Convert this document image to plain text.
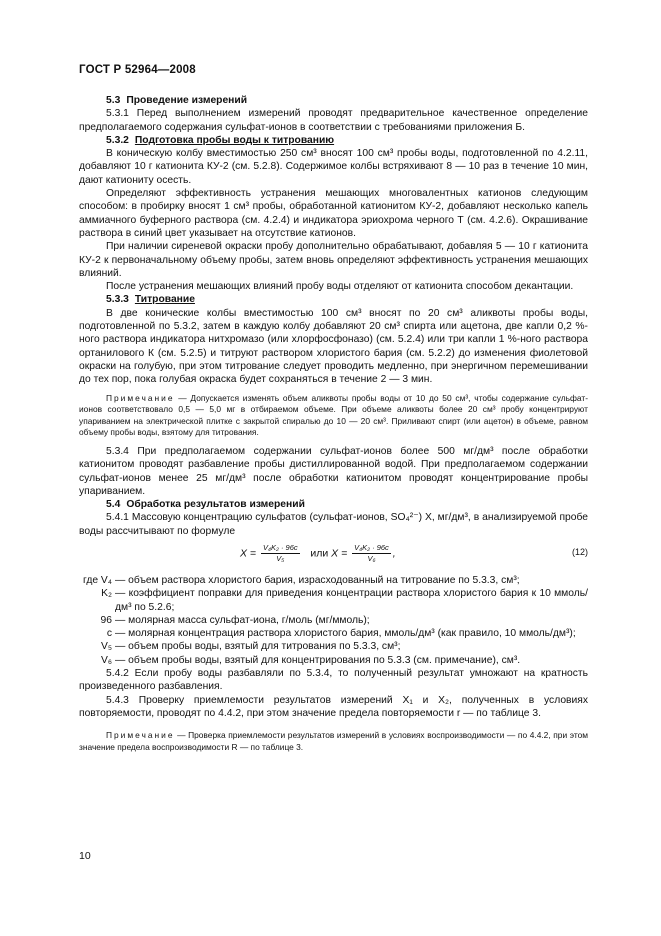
ГОСТ Р 52964—2008

5.3 Проведение измерений

5.3.1 Перед выполнением измерений проводят предварительное качественное определение предполагаемого содержания сульфат-ионов в соответствии с требованиями приложения Б.

5.3.2 Подготовка пробы воды к титрованию

В коническую колбу вместимостью 250 см³ вносят 100 см³ пробы воды, подготовленной по 4.2.11, добавляют 10 г катионита КУ-2 (см. 5.2.8). Содержимое колбы встряхивают 8 — 10 раз в течение 10 мин, дают катиониту осесть.

Определяют эффективность устранения мешающих многовалентных катионов следующим способом: в пробирку вносят 1 см³ пробы, обработанной катионитом КУ-2, добавляют несколько капель аммиачного буферного раствора (см. 4.2.4) и индикатора эриохрома черного Т (см. 4.2.6). Окрашивание раствора в синий цвет указывает на отсутствие катионов.

При наличии сиреневой окраски пробу дополнительно обрабатывают, добавляя 5 — 10 г катионита КУ-2 к первоначальному объему пробы, затем вновь определяют эффективность устранения мешающих влияний.

После устранения мешающих влияний пробу воды отделяют от катионита способом декантации.

5.3.3 Титрование

В две конические колбы вместимостью 100 см³ вносят по 20 см³ аликвоты пробы воды, подготовленной по 5.3.2, затем в каждую колбу добавляют 20 см³ спирта или ацетона, две капли 0,2 %-ного раствора индикатора нитхромазо (или хлорфосфоназо) (см. 5.2.4) или три капли 1 %-ного раствора ортанилового К (см. 5.2.5) и титруют раствором хлористого бария (см. 5.2.2) до изменения фиолетовой окраски на голубую, при этом титрование следует проводить медленно, при энергичном перемешивании до тех пор, пока голубая окраска будет сохраняться в течение 2 — 3 мин.

Примечание — Допускается изменять объем аликвоты пробы воды от 10 до 50 см³, чтобы содержание сульфат-ионов соответствовало 0,5 — 5,0 мг в отбираемом объеме. При объеме аликвоты более 20 см³ пробу концентрируют упариванием на электрической плитке с закрытой спиралью до 10 — 20 см³. Приливают спирт (или ацетон) в объеме, равном объему пробы воды, взятому для титрования.

5.3.4 При предполагаемом содержании сульфат-ионов более 500 мг/дм³ после обработки катионитом проводят разбавление пробы дистиллированной водой. При предполагаемом содержании сульфат-ионов менее 25 мг/дм³ после обработки катионитом проводят концентрирование пробы упариванием.

5.4 Обработка результатов измерений

5.4.1 Массовую концентрацию сульфатов (сульфат-ионов, SO₄²⁻) X, мг/дм³, в анализируемой пробе воды рассчитывают по формуле

$X = \frac{\text{V₄K₂ · 96c}}{\text{V₅}}$ или $X = \frac{\text{V₄K₂ · 96c}}{\text{V₆}}$ ,	(12)
где V₄ — объем раствора хлористого бария, израсходованный на титрование по 5.3.3, см³;
K₂ — коэффициент поправки для приведения концентрации раствора хлористого бария к 10 ммоль/дм³ по 5.2.6;
96 — молярная масса сульфат-иона, г/моль (мг/ммоль);
c — молярная концентрация раствора хлористого бария, ммоль/дм³ (как правило, 10 ммоль/дм³);
V₅ — объем пробы воды, взятый для титрования по 5.3.3, см³;
V₆ — объем пробы воды, взятый для концентрирования по 5.3.3 (см. примечание), см³.

5.4.2 Если пробу воды разбавляли по 5.3.4, то полученный результат умножают на кратность произведенного разбавления.

5.4.3 Проверку приемлемости результатов измерений X₁ и X₂, полученных в условиях повторяемости, проводят по 4.4.2, при этом значение предела повторяемости r — по таблице 3.

Примечание — Проверка приемлемости результатов измерений в условиях воспроизводимости — по 4.4.2, при этом значение предела воспроизводимости R — по таблице 3.

10
